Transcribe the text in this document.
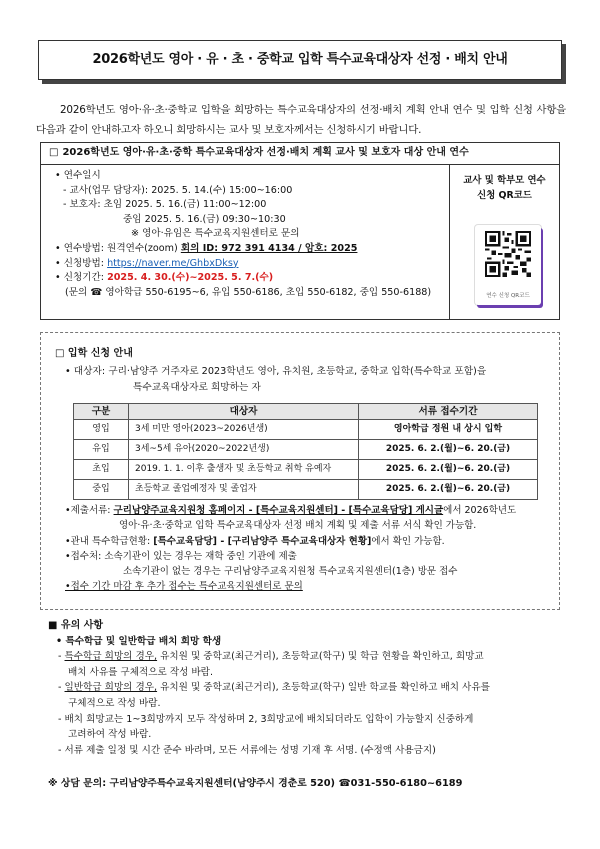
2026학년도 영아 · 유 · 초 · 중학교 입학 특수교육대상자 선정 · 배치 안내

2026학년도 영아·유·초·중학교 입학을 희망하는 특수교육대상자의 선정·배치 계획 안내 연수 및 입학 신청 사항을 다음과 같이 안내하고자 하오니 희망하시는 교사 및 보호자께서는 신청하시기 바랍니다.

□ 2026학년도 영아·유·초·중학 특수교육대상자 선정·배치 계획 교사 및 보호자 대상 안내 연수
• 연수일시
- 교사(업무 담당자): 2025. 5. 14.(수) 15:00~16:00
- 보호자: 초임 2025. 5. 16.(금) 11:00~12:00
중임 2025. 5. 16.(금) 09:30~10:30
※ 영아·유임은 특수교육지원센터로 문의
• 연수방법: 원격연수(zoom) 회의 ID: 972 391 4134 / 암호: 2025
• 신청방법: https://naver.me/GhbxDksy
• 신청기간: 2025. 4. 30.(수)~2025. 5. 7.(수)
(문의 ☎ 영아학급 550-6195~6, 유입 550-6186, 초입 550-6182, 중입 550-6188)
교사 및 학부모 연수
신청 QR코드
연수 신청 QR코드
□ 입학 신청 안내
• 대상자: 구리·남양주 거주자로 2023학년도 영아, 유치원, 초등학교, 중학교 입학(특수학교 포함)을
특수교육대상자로 희망하는 자
구분	대상자	서류 접수기간
영입	3세 미만 영아(2023~2026년생)	영아학급 정원 내 상시 입학
유입	3세~5세 유아(2020~2022년생)	2025. 6. 2.(월)~6. 20.(금)
초입	2019. 1. 1. 이후 출생자 및 초등학교 취학 유예자	2025. 6. 2.(월)~6. 20.(금)
중입	초등학교 졸업예정자 및 졸업자	2025. 6. 2.(월)~6. 20.(금)
•제출서류: 구리남양주교육지원청 홈페이지 - [특수교육지원센터] - [특수교육담당] 게시글에서 2026학년도
영아·유·초·중학교 입학 특수교육대상자 선정 배치 계획 및 제출 서류 서식 확인 가능함.
•관내 특수학급현황: [특수교육담당] - [구리남양주 특수교육대상자 현황]에서 확인 가능함.
•접수처: 소속기관이 있는 경우는 재학 중인 기관에 제출
소속기관이 없는 경우는 구리남양주교육지원청 특수교육지원센터(1층) 방문 접수
•접수 기간 마감 후 추가 접수는 특수교육지원센터로 문의
■ 유의 사항
• 특수학급 및 일반학급 배치 희망 학생
- 특수학급 희망의 경우, 유치원 및 중학교(최근거리), 초등학교(학구) 및 학급 현황을 확인하고, 희망교
배치 사유를 구체적으로 작성 바람.
- 일반학급 희망의 경우, 유치원 및 중학교(최근거리), 초등학교(학구) 일반 학교를 확인하고 배치 사유를
구체적으로 작성 바람.
- 배치 희망교는 1~3희망까지 모두 작성하며 2, 3희망교에 배치되더라도 입학이 가능할지 신중하게
고려하여 작성 바람.
- 서류 제출 일정 및 시간 준수 바라며, 모든 서류에는 성명 기재 후 서명. (수정액 사용금지)
※ 상담 문의: 구리남양주특수교육지원센터(남양주시 경춘로 520) ☎031-550-6180~6189
